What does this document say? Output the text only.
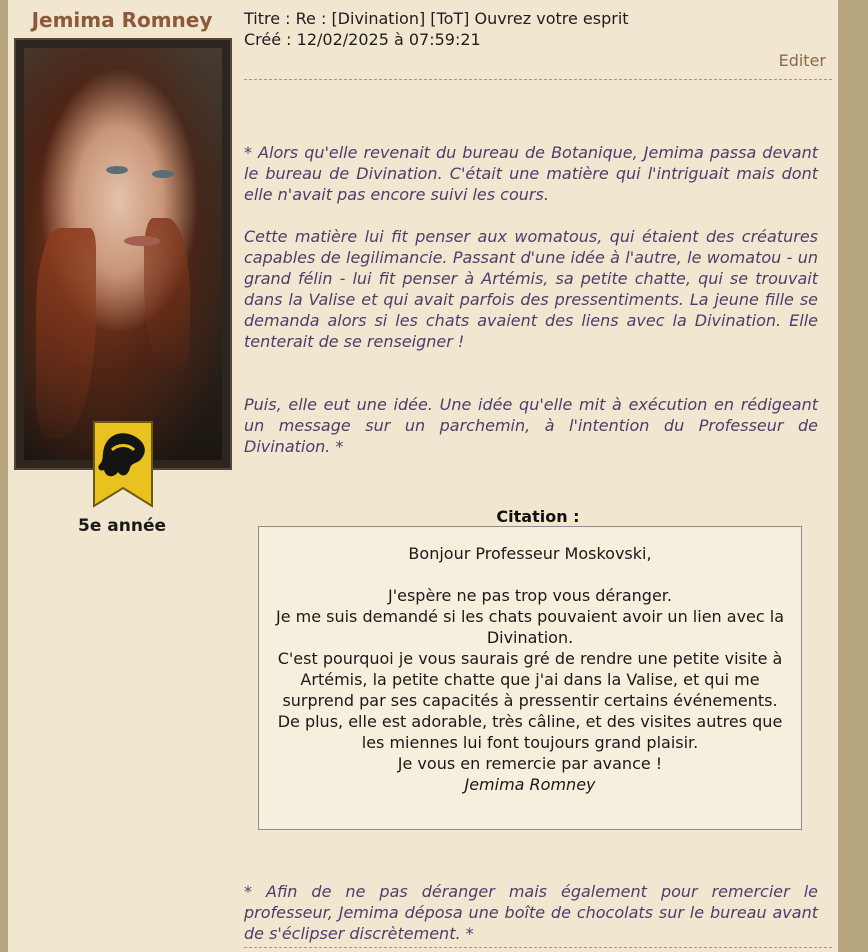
Jemima Romney
5e année
Titre : Re : [Divination] [ToT] Ouvrez votre esprit
Créé : 12/02/2025 à 07:59:21
Editer
* Alors qu'elle revenait du bureau de Botanique, Jemima passa devant le bureau de Divination. C'était une matière qui l'intriguait mais dont elle n'avait pas encore suivi les cours.
Cette matière lui fit penser aux womatous, qui étaient des créatures capables de legilimancie. Passant d'une idée à l'autre, le womatou - un grand félin - lui fit penser à Artémis, sa petite chatte, qui se trouvait dans la Valise et qui avait parfois des pressentiments. La jeune fille se demanda alors si les chats avaient des liens avec la Divination. Elle tenterait de se renseigner !
Puis, elle eut une idée. Une idée qu'elle mit à exécution en rédigeant un message sur un parchemin, à l'intention du Professeur de Divination. *
Citation :
Bonjour Professeur Moskovski,
J'espère ne pas trop vous déranger.
Je me suis demandé si les chats pouvaient avoir un lien avec la Divination.
C'est pourquoi je vous saurais gré de rendre une petite visite à Artémis, la petite chatte que j'ai dans la Valise, et qui me surprend par ses capacités à pressentir certains événements. De plus, elle est adorable, très câline, et des visites autres que les miennes lui font toujours grand plaisir.
Je vous en remercie par avance !
Jemima Romney
* Afin de ne pas déranger mais également pour remercier le professeur, Jemima déposa une boîte de chocolats sur le bureau avant de s'éclipser discrètement. *
